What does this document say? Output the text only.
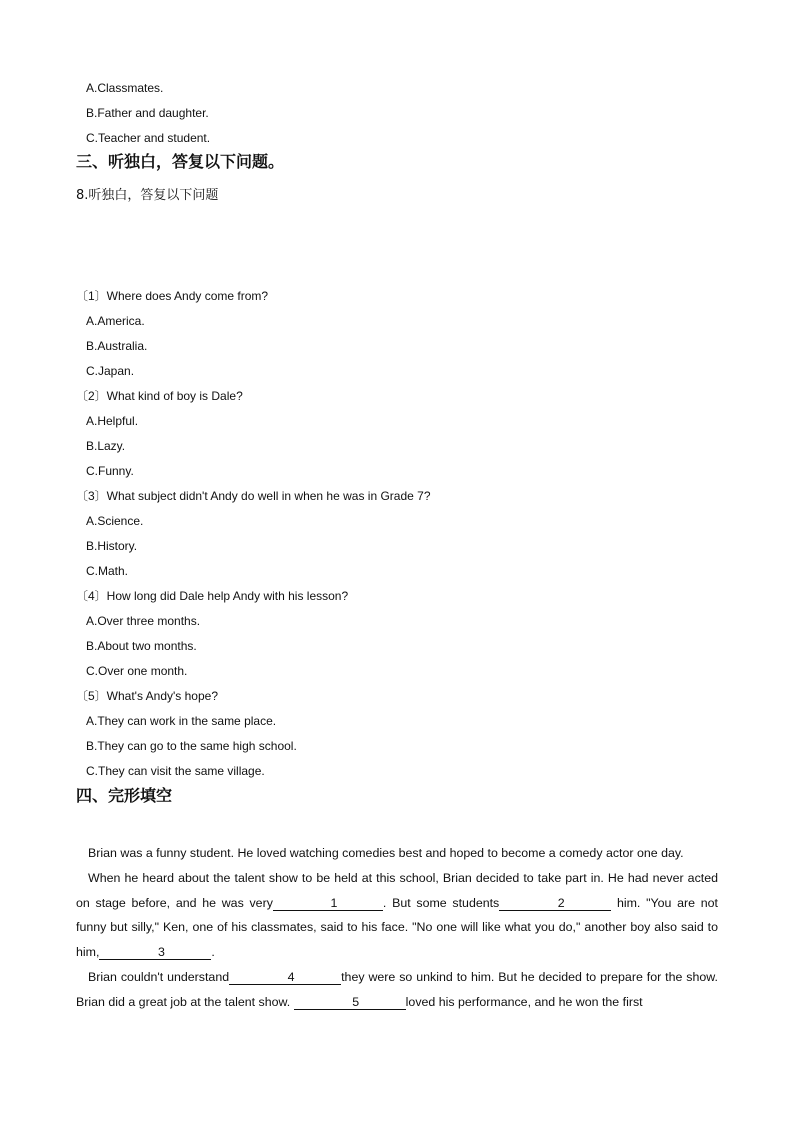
A.Classmates.
B.Father and daughter.
C.Teacher and student.
三、听独白，答复以下问题。
8.听独白，答复以下问题
〔1〕Where does Andy come from?
A.America.
B.Australia.
C.Japan.
〔2〕What kind of boy is Dale?
A.Helpful.
B.Lazy.
C.Funny.
〔3〕What subject didn't Andy do well in when he was in Grade 7?
A.Science.
B.History.
C.Math.
〔4〕How long did Dale help Andy with his lesson?
A.Over three months.
B.About two months.
C.Over one month.
〔5〕What's Andy's hope?
A.They can work in the same place.
B.They can go to the same high school.
C.They can visit the same village.
四、完形填空

Brian was a funny student. He loved watching comedies best and hoped to become a comedy actor one day.

When he heard about the talent show to be held at this school, Brian decided to take part in. He had never acted on stage before, and he was very	1	. But some students	2	him. "You are not funny but silly," Ken, one of his classmates, said to his face. "No one will like what you do," another boy also said to him,	3	.

Brian couldn't understand	4	they were so unkind to him. But he decided to prepare for the show. Brian did a great job at the talent show.	5	loved his performance, and he won the first
